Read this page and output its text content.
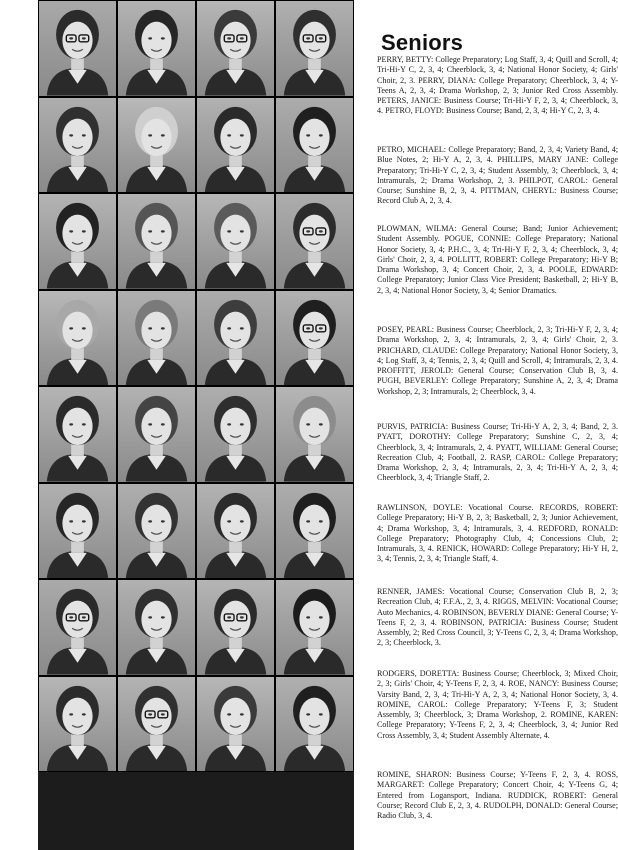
Seniors

PERRY, BETTY: College Preparatory; Log Staff, 3, 4; Quill and Scroll, 4; Tri-Hi-Y C, 2, 3, 4; Cheerblock, 3, 4; National Honor Society, 4; Girls' Choir, 2, 3. PERRY, DIANA: College Preparatory; Cheerblock, 3, 4; Y-Teens A, 2, 3, 4; Drama Workshop, 2, 3; Junior Red Cross Assembly. PETERS, JANICE: Business Course; Tri-Hi-Y F, 2, 3, 4; Cheerblock, 3, 4. PETRO, FLOYD: Business Course; Band, 2, 3, 4; Hi-Y C, 2, 3, 4.

PETRO, MICHAEL: College Preparatory; Band, 2, 3, 4; Variety Band, 4; Blue Notes, 2; Hi-Y A, 2, 3, 4. PHILLIPS, MARY JANE: College Preparatory; Tri-Hi-Y C, 2, 3, 4; Student Assembly, 3; Cheerblock, 3, 4; Intramurals, 2; Drama Workshop, 2, 3. PHILPOT, CAROL: General Course; Sunshine B, 2, 3, 4. PITTMAN, CHERYL: Business Course; Record Club A, 2, 3, 4.

PLOWMAN, WILMA: General Course; Band; Junior Achievement; Student Assembly. POGUE, CONNIE: College Preparatory; National Honor Society, 3, 4; P.H.C., 3, 4; Tri-Hi-Y F, 2, 3, 4; Cheerblock, 3, 4; Girls' Choir, 2, 3, 4. POLLITT, ROBERT: College Preparatory; Hi-Y B; Drama Workshop, 3, 4; Concert Choir, 2, 3, 4. POOLE, EDWARD: College Preparatory; Junior Class Vice President; Basketball, 2; Hi-Y B, 2, 3, 4; National Honor Society, 3, 4; Senior Dramatics.

POSEY, PEARL: Business Course; Cheerblock, 2, 3; Tri-Hi-Y F, 2, 3, 4; Drama Workshop, 2, 3, 4; Intramurals, 2, 3, 4; Girls' Choir, 2, 3. PRICHARD, CLAUDE: College Preparatory; National Honor Society, 3, 4; Log Staff, 3, 4; Tennis, 2, 3, 4; Quill and Scroll, 4; Intramurals, 2, 3, 4. PROFFITT, JEROLD: General Course; Conservation Club B, 3, 4. PUGH, BEVERLEY: College Preparatory; Sunshine A, 2, 3, 4; Drama Workshop, 2, 3; Intramurals, 2; Cheerblock, 3, 4.

PURVIS, PATRICIA: Business Course; Tri-Hi-Y A, 2, 3, 4; Band, 2, 3. PYATT, DOROTHY: College Preparatory; Sunshine C, 2, 3, 4; Cheerblock, 3, 4; Intramurals, 2, 4. PYATT, WILLIAM: General Course; Recreation Club, 4; Football, 2. RASP, CAROL: College Preparatory; Drama Workshop, 2, 3, 4; Intramurals, 2, 3, 4; Tri-Hi-Y A, 2, 3, 4; Cheerblock, 3, 4; Triangle Staff, 2.

RAWLINSON, DOYLE: Vocational Course. RECORDS, ROBERT: College Preparatory; Hi-Y B, 2, 3; Basketball, 2, 3; Junior Achievement, 4; Drama Workshop, 3, 4; Intramurals, 3, 4. REDFORD, RONALD: College Preparatory; Photography Club, 4; Concessions Club, 2; Intramurals, 3, 4. RENICK, HOWARD: College Preparatory; Hi-Y H, 2, 3, 4; Tennis, 2, 3, 4; Triangle Staff, 4.

RENNER, JAMES: Vocational Course; Conservation Club B, 2, 3; Recreation Club, 4; F.F.A., 2, 3, 4. RIGGS, MELVIN: Vocational Course; Auto Mechanics, 4. ROBINSON, BEVERLY DIANE: General Course; Y-Teens F, 2, 3, 4. ROBINSON, PATRICIA: Business Course; Student Assembly, 2; Red Cross Council, 3; Y-Teens C, 2, 3, 4; Drama Workshop, 2, 3; Cheerblock, 3.

RODGERS, DORETTA: Business Course; Cheerblock, 3; Mixed Choir, 2, 3; Girls' Choir, 4; Y-Teens F, 2, 3, 4. ROE, NANCY: Business Course; Varsity Band, 2, 3, 4; Tri-Hi-Y A, 2, 3, 4; National Honor Society, 3, 4. ROMINE, CAROL: College Preparatory; Y-Teens F, 3; Student Assembly, 3; Cheerblock, 3; Drama Workshop, 2. ROMINE, KAREN: College Preparatory; Y-Teens F, 2, 3, 4; Cheerblock, 3, 4; Junior Red Cross Assembly, 3, 4; Student Assembly Alternate, 4.

ROMINE, SHARON: Business Course; Y-Teens F, 2, 3, 4. ROSS, MARGARET: College Preparatory; Concert Choir, 4; Y-Teens G, 4; Entered from Logansport, Indiana. RUDDICK, ROBERT: General Course; Record Club E, 2, 3, 4. RUDOLPH, DONALD: General Course; Radio Club, 3, 4.
